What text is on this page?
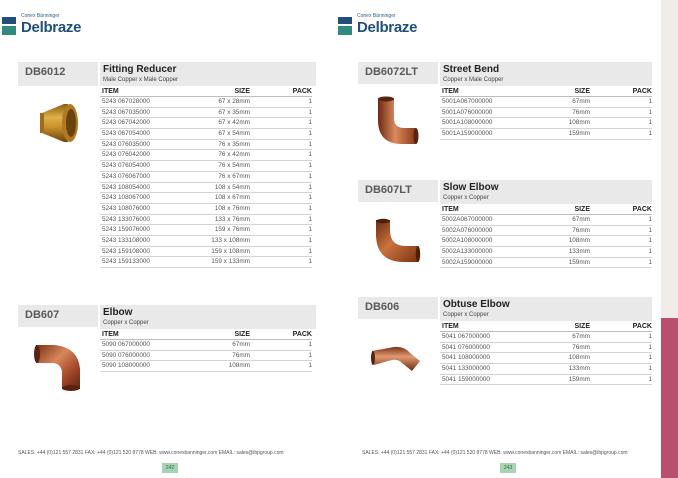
Conex Bänninger
Delbraze
DB6012	Fitting Reducer
Male Copper x Male Copper
ITEM	SIZE	PACK
5243 067028000	67 x 28mm	1
5243 067035000	67 x 35mm	1
5243 067042000	67 x 42mm	1
5243 067054000	67 x 54mm	1
5243 076035000	76 x 35mm	1
5243 076042000	76 x 42mm	1
5243 076054000	76 x 54mm	1
5243 076067000	76 x 67mm	1
5243 108054000	108 x 54mm	1
5243 108067000	108 x 67mm	1
5243 108076000	108 x 76mm	1
5243 133076000	133 x 76mm	1
5243 159076000	159 x 76mm	1
5243 133108000	133 x 108mm	1
5243 159108000	159 x 108mm	1
5243 159133000	159 x 133mm	1
DB607	Elbow
Copper x Copper
ITEM	SIZE	PACK
5090 067000000	67mm	1
5090 076000000	76mm	1
5090 108000000	108mm	1
SALES: +44 (0)121 557 2831 FAX: +44 (0)121 520 8778 WEB: www.conexbanninger.com EMAIL: sales@ibpgroup.com
242
Conex Bänninger
Delbraze
DB6072LT	Street Bend
Copper x Male Copper
ITEM	SIZE	PACK
5001A067000000	67mm	1
5001A076000000	76mm	1
5001A108000000	108mm	1
5001A159000000	159mm	1
DB607LT	Slow Elbow
Copper x Copper
ITEM	SIZE	PACK
5002A067000000	67mm	1
5002A076000000	76mm	1
5002A108000000	108mm	1
5002A133000000	133mm	1
5002A159000000	159mm	1
DB606	Obtuse Elbow
Copper x Copper
ITEM	SIZE	PACK
5041 067000000	67mm	1
5041 076000000	76mm	1
5041 108000000	108mm	1
5041 133000000	133mm	1
5041 159000000	159mm	1
SALES: +44 (0)121 557 2831 FAX: +44 (0)121 520 8778 WEB: www.conexbanninger.com EMAIL: sales@ibpgroup.com
243
